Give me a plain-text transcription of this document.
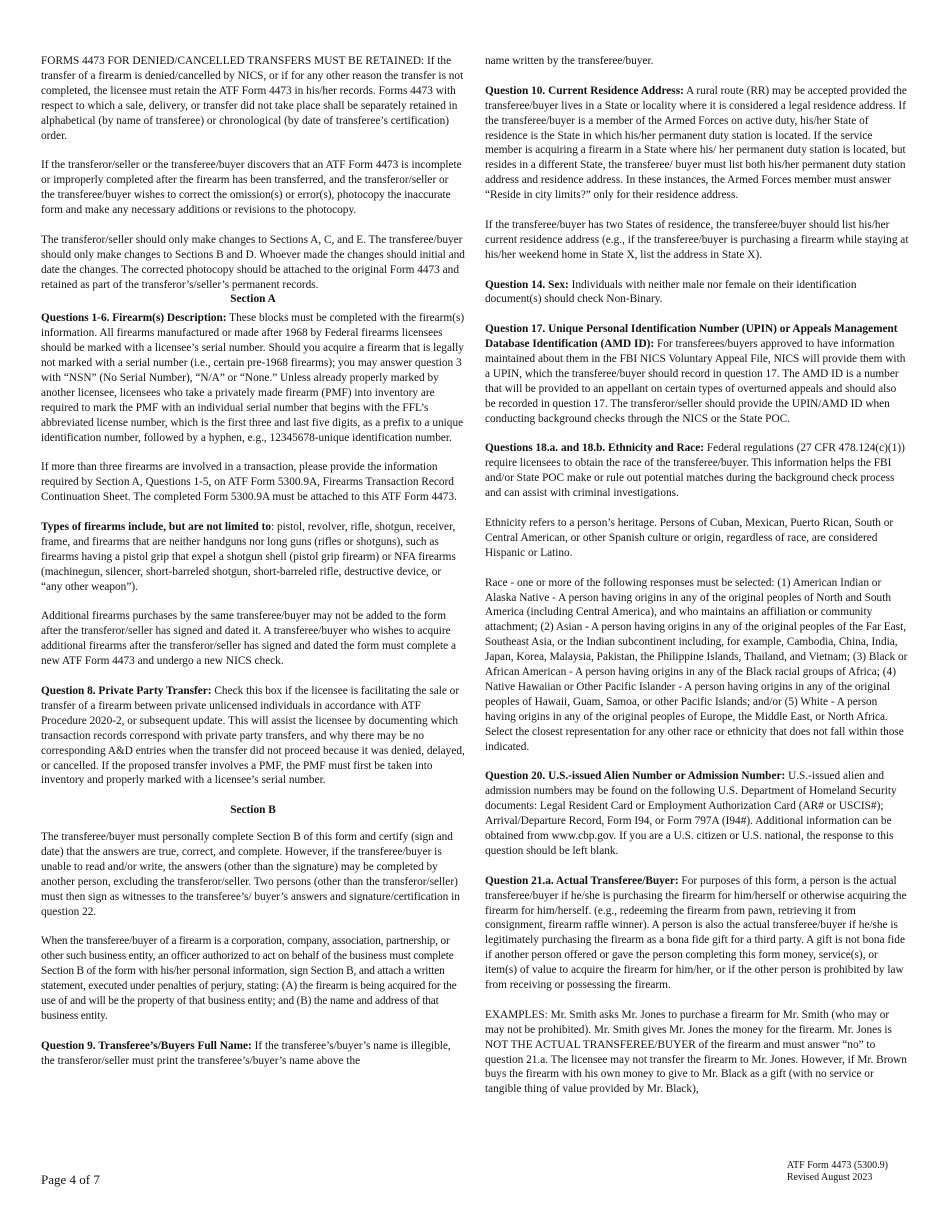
FORMS 4473 FOR DENIED/CANCELLED TRANSFERS MUST BE RETAINED: If the transfer of a firearm is denied/cancelled by NICS, or if for any other reason the transfer is not completed, the licensee must retain the ATF Form 4473 in his/her records. Forms 4473 with respect to which a sale, delivery, or transfer did not take place shall be separately retained in alphabetical (by name of transferee) or chronological (by date of transferee’s certification) order.

If the transferor/seller or the transferee/buyer discovers that an ATF Form 4473 is incomplete or improperly completed after the firearm has been transferred, and the transferor/seller or the transferee/buyer wishes to correct the omission(s) or error(s), photocopy the inaccurate form and make any necessary additions or revisions to the photocopy.

The transferor/seller should only make changes to Sections A, C, and E. The transferee/buyer should only make changes to Sections B and D. Whoever made the changes should initial and date the changes. The corrected photocopy should be attached to the original Form 4473 and retained as part of the transferor’s/seller’s permanent records.

Section A

Questions 1-6. Firearm(s) Description: These blocks must be completed with the firearm(s) information. All firearms manufactured or made after 1968 by Federal firearms licensees should be marked with a licensee’s serial number. Should you acquire a firearm that is legally not marked with a serial number (i.e., certain pre-1968 firearms); you may answer question 3 with “NSN” (No Serial Number), “N/A” or “None.” Unless already properly marked by another licensee, licensees who take a privately made firearm (PMF) into inventory are required to mark the PMF with an individual serial number that begins with the FFL’s abbreviated license number, which is the first three and last five digits, as a prefix to a unique identification number, followed by a hyphen, e.g., 12345678-unique identification number.

If more than three firearms are involved in a transaction, please provide the information required by Section A, Questions 1-5, on ATF Form 5300.9A, Firearms Transaction Record Continuation Sheet. The completed Form 5300.9A must be attached to this ATF Form 4473.

Types of firearms include, but are not limited to: pistol, revolver, rifle, shotgun, receiver, frame, and firearms that are neither handguns nor long guns (rifles or shotguns), such as firearms having a pistol grip that expel a shotgun shell (pistol grip firearm) or NFA firearms (machinegun, silencer, short-barreled shotgun, short-barreled rifle, destructive device, or “any other weapon”).

Additional firearms purchases by the same transferee/buyer may not be added to the form after the transferor/seller has signed and dated it. A transferee/buyer who wishes to acquire additional firearms after the transferor/seller has signed and dated the form must complete a new ATF Form 4473 and undergo a new NICS check.

Question 8. Private Party Transfer: Check this box if the licensee is facilitating the sale or transfer of a firearm between private unlicensed individuals in accordance with ATF Procedure 2020-2, or subsequent update. This will assist the licensee by documenting which transaction records correspond with private party transfers, and why there may be no corresponding A&D entries when the transfer did not proceed because it was denied, delayed, or cancelled. If the proposed transfer involves a PMF, the PMF must first be taken into inventory and properly marked with a licensee’s serial number.

Section B

The transferee/buyer must personally complete Section B of this form and certify (sign and date) that the answers are true, correct, and complete. However, if the transferee/buyer is unable to read and/or write, the answers (other than the signature) may be completed by another person, excluding the transferor/seller. Two persons (other than the transferor/seller) must then sign as witnesses to the transferee’s/ buyer’s answers and signature/certification in question 22.

When the transferee/buyer of a firearm is a corporation, company, association, partnership, or other such business entity, an officer authorized to act on behalf of the business must complete Section B of the form with his/her personal information, sign Section B, and attach a written statement, executed under penalties of perjury, stating: (A) the firearm is being acquired for the use of and will be the property of that business entity; and (B) the name and address of that business entity.

Question 9. Transferee’s/Buyers Full Name: If the transferee’s/buyer’s name is illegible, the transferor/seller must print the transferee’s/buyer’s name above the

name written by the transferee/buyer.

Question 10. Current Residence Address: A rural route (RR) may be accepted provided the transferee/buyer lives in a State or locality where it is considered a legal residence address. If the transferee/buyer is a member of the Armed Forces on active duty, his/her State of residence is the State in which his/her permanent duty station is located. If the service member is acquiring a firearm in a State where his/ her permanent duty station is located, but resides in a different State, the transferee/ buyer must list both his/her permanent duty station address and residence address. In these instances, the Armed Forces member must answer “Reside in city limits?” only for their residence address.

If the transferee/buyer has two States of residence, the transferee/buyer should list his/her current residence address (e.g., if the transferee/buyer is purchasing a firearm while staying at his/her weekend home in State X, list the address in State X).

Question 14. Sex: Individuals with neither male nor female on their identification document(s) should check Non-Binary.

Question 17. Unique Personal Identification Number (UPIN) or Appeals Management Database Identification (AMD ID): For transferees/buyers approved to have information maintained about them in the FBI NICS Voluntary Appeal File, NICS will provide them with a UPIN, which the transferee/buyer should record in question 17. The AMD ID is a number that will be provided to an appellant on certain types of overturned appeals and should also be recorded in question 17. The transferor/seller should provide the UPIN/AMD ID when conducting background checks through the NICS or the State POC.

Questions 18.a. and 18.b. Ethnicity and Race: Federal regulations (27 CFR 478.124(c)(1)) require licensees to obtain the race of the transferee/buyer. This information helps the FBI and/or State POC make or rule out potential matches during the background check process and can assist with criminal investigations.

Ethnicity refers to a person’s heritage. Persons of Cuban, Mexican, Puerto Rican, South or Central American, or other Spanish culture or origin, regardless of race, are considered Hispanic or Latino.

Race - one or more of the following responses must be selected: (1) American Indian or Alaska Native - A person having origins in any of the original peoples of North and South America (including Central America), and who maintains an affiliation or community attachment; (2) Asian - A person having origins in any of the original peoples of the Far East, Southeast Asia, or the Indian subcontinent including, for example, Cambodia, China, India, Japan, Korea, Malaysia, Pakistan, the Philippine Islands, Thailand, and Vietnam; (3) Black or African American - A person having origins in any of the Black racial groups of Africa; (4) Native Hawaiian or Other Pacific Islander - A person having origins in any of the original peoples of Hawaii, Guam, Samoa, or other Pacific Islands; and/or (5) White - A person having origins in any of the original peoples of Europe, the Middle East, or North Africa. Select the closest representation for any other race or ethnicity that does not fall within those indicated.

Question 20. U.S.-issued Alien Number or Admission Number: U.S.-issued alien and admission numbers may be found on the following U.S. Department of Homeland Security documents: Legal Resident Card or Employment Authorization Card (AR# or USCIS#); Arrival/Departure Record, Form I94, or Form 797A (I94#). Additional information can be obtained from www.cbp.gov. If you are a U.S. citizen or U.S. national, the response to this question should be left blank.

Question 21.a. Actual Transferee/Buyer: For purposes of this form, a person is the actual transferee/buyer if he/she is purchasing the firearm for him/herself or otherwise acquiring the firearm for him/herself. (e.g., redeeming the firearm from pawn, retrieving it from consignment, firearm raffle winner). A person is also the actual transferee/buyer if he/she is legitimately purchasing the firearm as a bona fide gift for a third party. A gift is not bona fide if another person offered or gave the person completing this form money, service(s), or item(s) of value to acquire the firearm for him/her, or if the other person is prohibited by law from receiving or possessing the firearm.

EXAMPLES: Mr. Smith asks Mr. Jones to purchase a firearm for Mr. Smith (who may or may not be prohibited). Mr. Smith gives Mr. Jones the money for the firearm. Mr. Jones is NOT THE ACTUAL TRANSFEREE/BUYER of the firearm and must answer “no” to question 21.a. The licensee may not transfer the firearm to Mr. Jones. However, if Mr. Brown buys the firearm with his own money to give to Mr. Black as a gift (with no service or tangible thing of value provided by Mr. Black),

Page 4 of 7
ATF Form 4473 (5300.9)
Revised August 2023
